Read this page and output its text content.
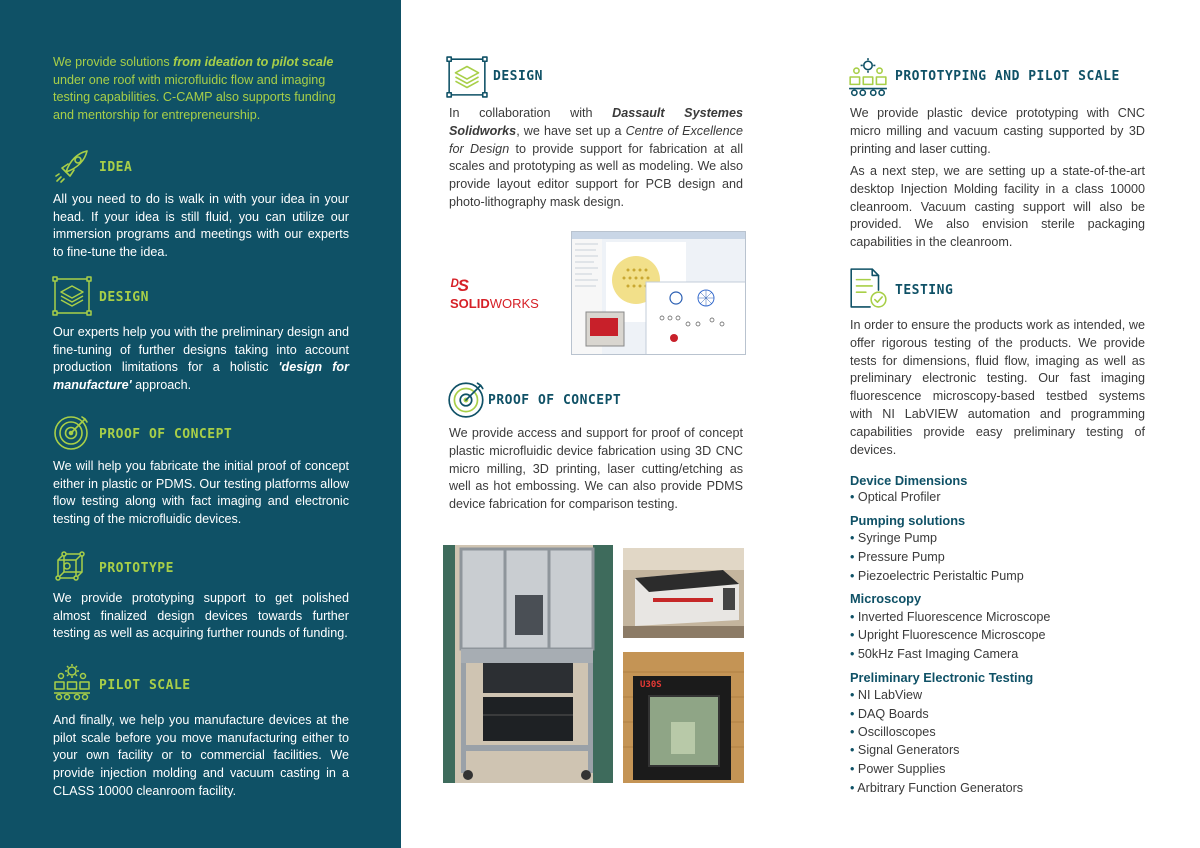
We provide solutions from ideation to pilot scale under one roof with microfluidic flow and imaging testing capabilities. C-CAMP also supports funding and mentorship for entrepreneurship.

IDEA

All you need to do is walk in with your idea in your head. If your idea is still fluid, you can utilize our immersion programs and meetings with our experts to fine-tune the idea.

DESIGN

Our experts help you with the preliminary design and fine-tuning of further designs taking into account production limitations for a holistic 'design for manufacture' approach.

PROOF OF CONCEPT

We will help you fabricate the initial proof of concept either in plastic or PDMS. Our testing platforms allow flow testing along with fact imaging and electronic testing of the microfluidic devices.

PROTOTYPE

We provide prototyping support to get polished almost finalized design devices towards further testing as well as acquiring further rounds of funding.

PILOT SCALE

And finally, we help you manufacture devices at the pilot scale before you move manufacturing either to your own facility or to commercial facilities. We provide injection molding and vacuum casting in a CLASS 10000 cleanroom facility.

DESIGN

In collaboration with Dassault Systemes Solidworks, we have set up a Centre of Excellence for Design to provide support for fabrication at all scales and prototyping as well as modeling. We also provide layout editor support for PCB design and photo-lithography mask design.

ᴰS SOLIDWORKS
PROOF OF CONCEPT

We provide access and support for proof of concept plastic microfluidic device fabrication using 3D CNC micro milling, 3D printing, laser cutting/etching as well as hot embossing. We can also provide PDMS device fabrication for comparison testing.

U30S
PROTOTYPING AND PILOT SCALE

We provide plastic device prototyping with CNC micro milling and vacuum casting supported by 3D printing and laser cutting.

As a next step, we are setting up a state-of-the-art desktop Injection Molding facility in a class 10000 cleanroom. Vacuum casting support will also be provided. We also envision sterile packaging capabilities in the cleanroom.

TESTING

In order to ensure the products work as intended, we offer rigorous testing of the products. We provide tests for dimensions, fluid flow, imaging as well as preliminary electronic testing. Our fast imaging fluorescence microscopy-based testbed systems with NI LabVIEW automation and programming capabilities provide easy preliminary testing of devices.

Device Dimensions
• Optical Profiler
Pumping solutions
• Syringe Pump
• Pressure Pump
• Piezoelectric Peristaltic Pump
Microscopy
• Inverted Fluorescence Microscope
• Upright Fluorescence Microscope
• 50kHz Fast Imaging Camera
Preliminary Electronic Testing
• NI LabView
• DAQ Boards
• Oscilloscopes
• Signal Generators
• Power Supplies
• Arbitrary Function Generators
